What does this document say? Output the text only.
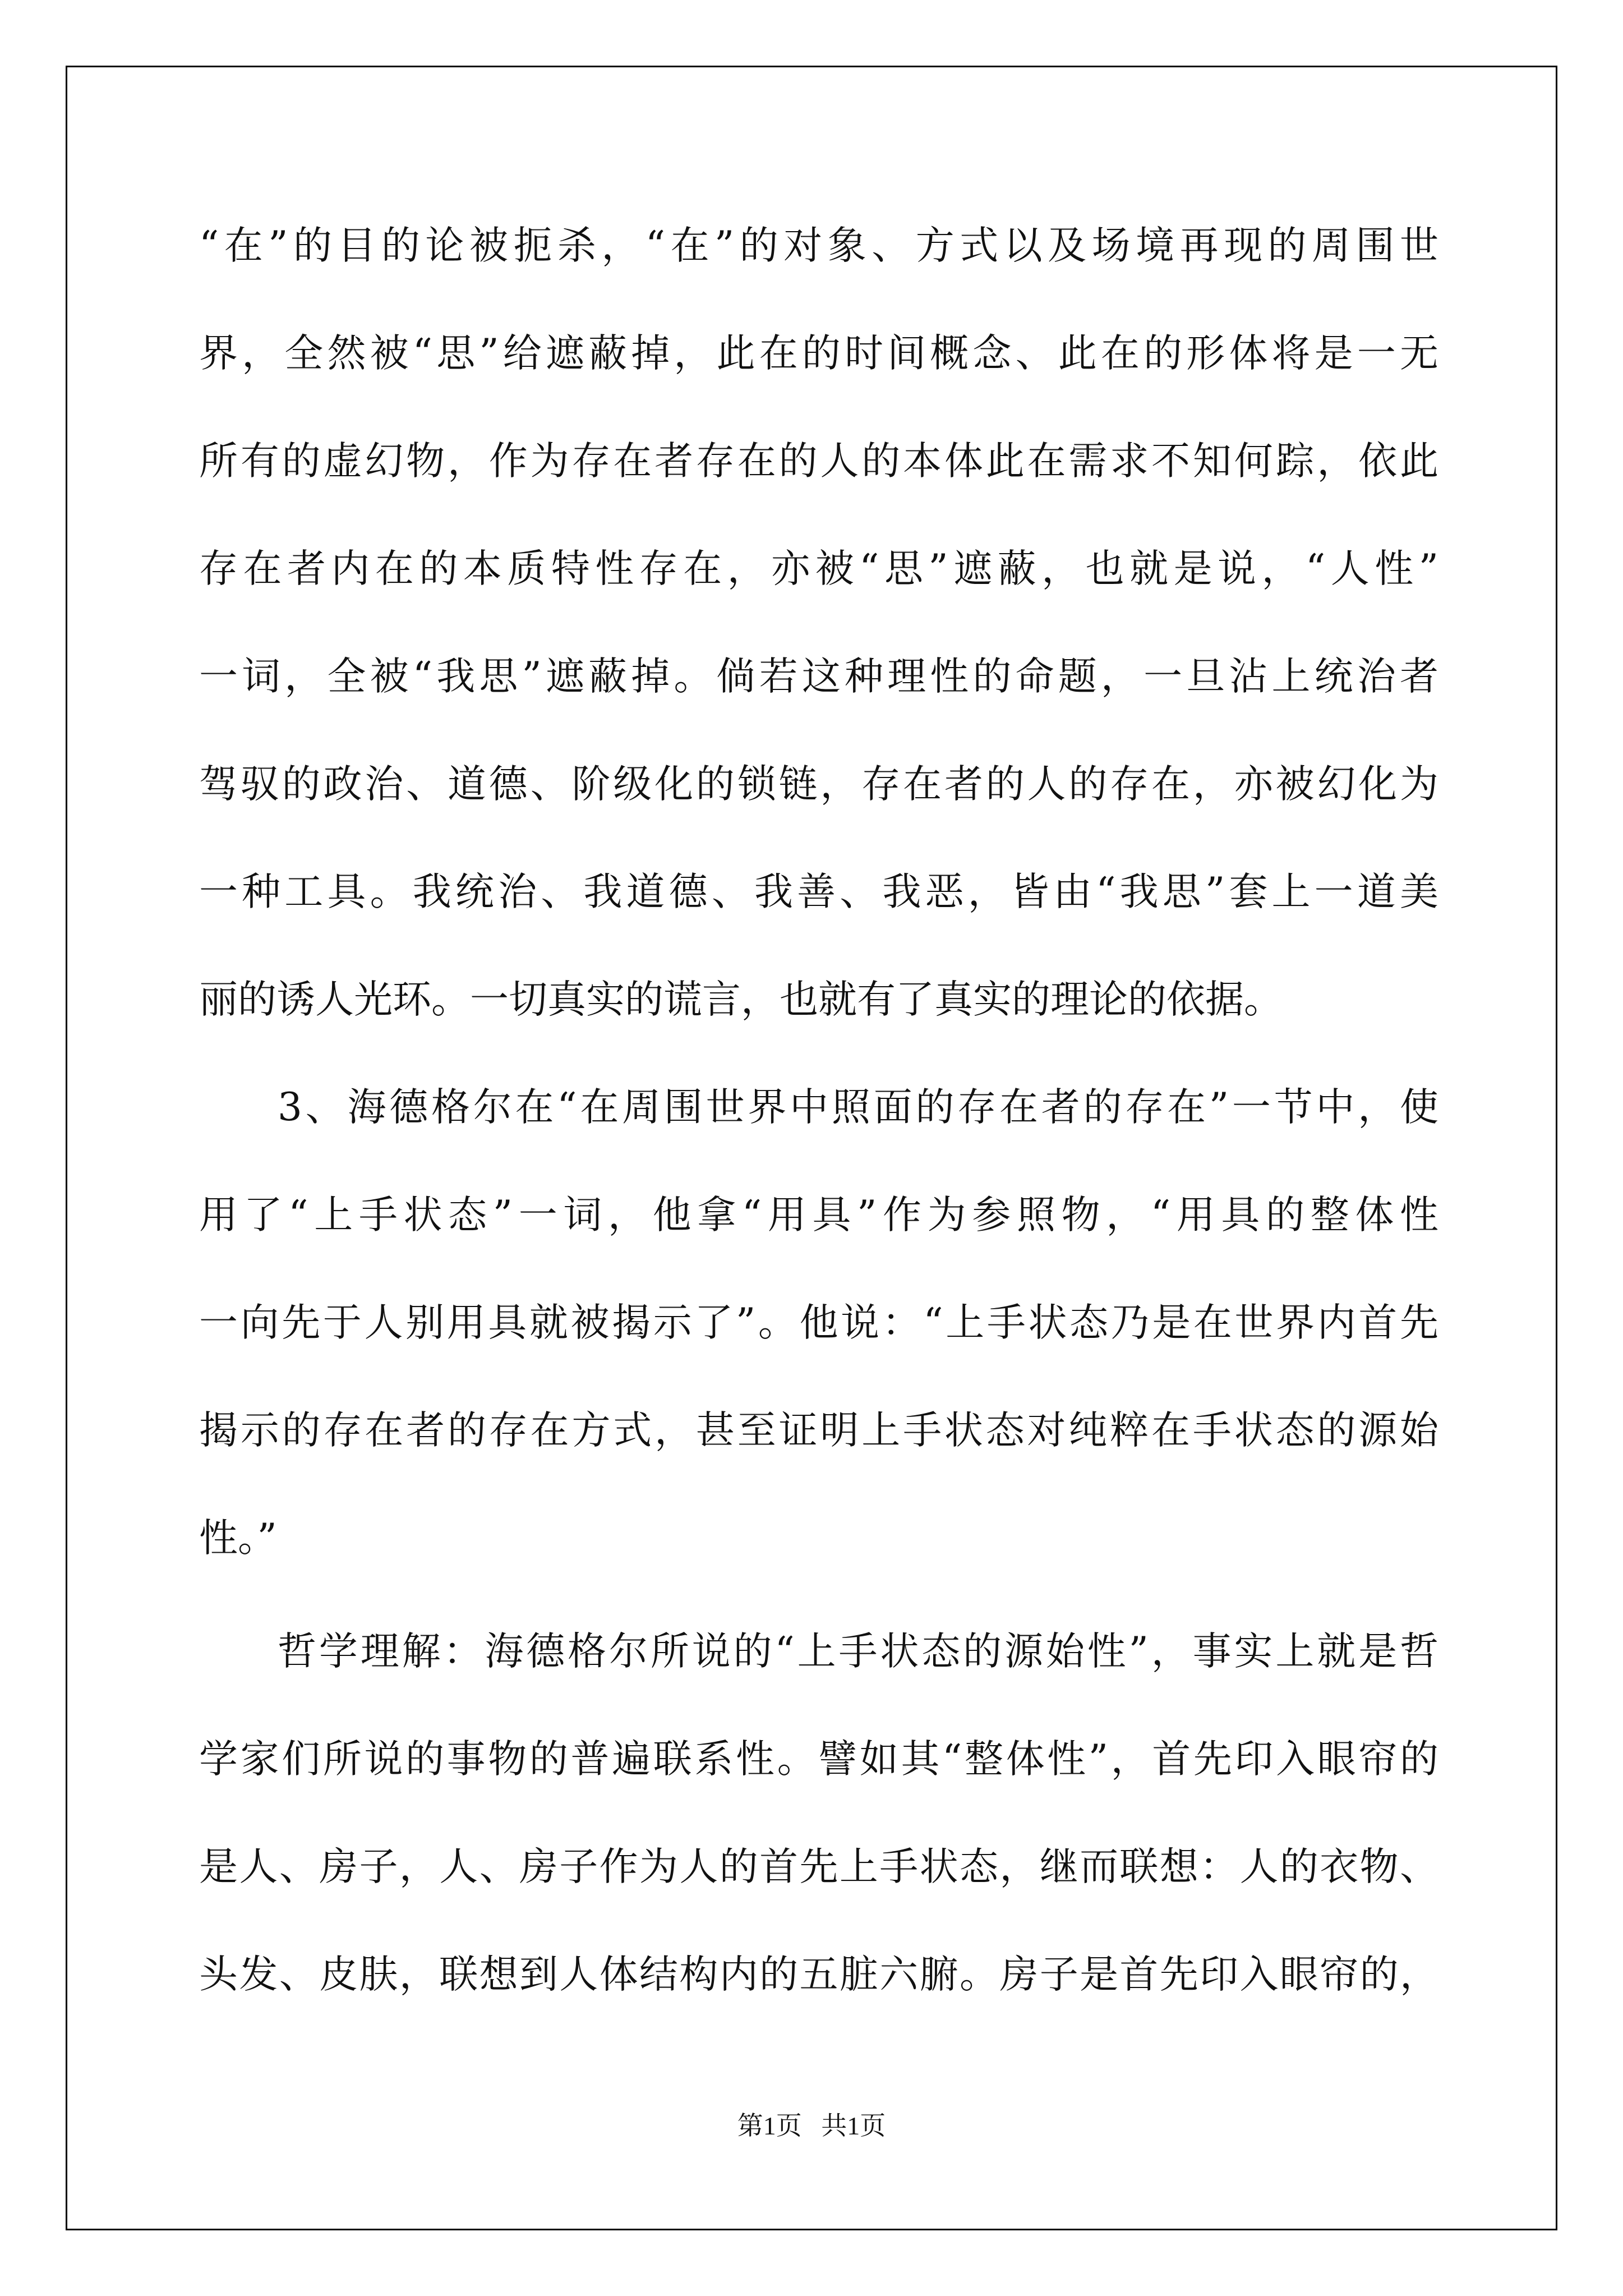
“在”的目的论被扼杀，“在”的对象、方式以及场境再现的周围世
界，全然被“思”给遮蔽掉，此在的时间概念、此在的形体将是一无
所有的虚幻物，作为存在者存在的人的本体此在需求不知何踪，依此
存在者内在的本质特性存在，亦被“思”遮蔽，也就是说，“人性”
一词，全被“我思”遮蔽掉。倘若这种理性的命题，一旦沾上统治者
驾驭的政治、道德、阶级化的锁链，存在者的人的存在，亦被幻化为
一种工具。我统治、我道德、我善、我恶，皆由“我思”套上一道美
丽的诱人光环。一切真实的谎言，也就有了真实的理论的依据。
3、海德格尔在“在周围世界中照面的存在者的存在”一节中，使
用了“上手状态”一词，他拿“用具”作为参照物，“用具的整体性
一向先于人别用具就被揭示了”。他说：“上手状态乃是在世界内首先
揭示的存在者的存在方式，甚至证明上手状态对纯粹在手状态的源始
性。”
哲学理解：海德格尔所说的“上手状态的源始性”，事实上就是哲
学家们所说的事物的普遍联系性。譬如其“整体性”，首先印入眼帘的
是人、房子，人、房子作为人的首先上手状态，继而联想：人的衣物、
头发、皮肤，联想到人体结构内的五脏六腑。房子是首先印入眼帘的，
第1页   共1页
